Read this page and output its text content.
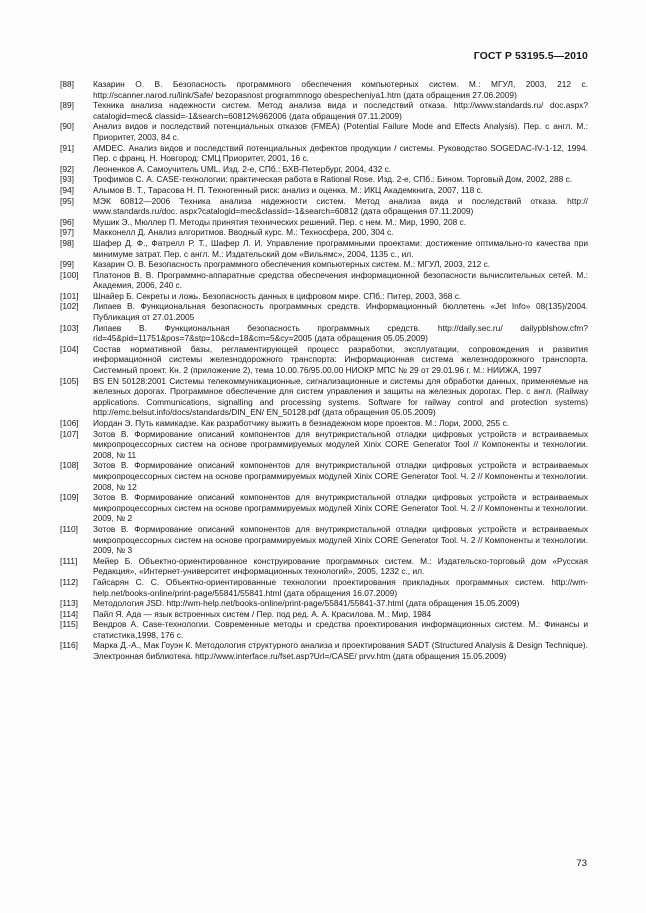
ГОСТ Р 53195.5—2010
[88]	Казарин О. В. Безопасность программного обеспечения компьютерных систем. М.: МГУЛ, 2003, 212 с. http://scanner.narod.ru/link/Safe/ bezopasnost programmnogo obespecheniya1.htm (дата обращения 27.06.2009)
[89]	Техника анализа надежности систем. Метод анализа вида и последствий отказа. http://www.standards.ru/ doc.aspx?catalogid=mec& classid=-1&search=60812%962006 (дата обращения 07.11.2009)
[90]	Анализ видов и последствий потенциальных отказов (FMEA) (Potential Failure Mode and Effects Analysis). Пер. с англ. М.: Приоритет, 2003, 84 с.
[91]	AMDEC. Анализ видов и последствий потенциальных дефектов продукции / системы. Руководство SOGEDAC-IV-1-12, 1994. Пер. с франц. Н. Новгород: СМЦ Приоритет, 2001, 16 с.
[92]	Леоненков А. Самоучитель UML. Изд. 2-е, СПб.: БХВ-Петербург, 2004, 432 с.
[93]	Трофимов С. А. CASE-технологии: практическая работа в Rational Rose. Изд. 2-е, СПб.: Бином. Торговый Дом, 2002, 288 с.
[94]	Алымов В. Т., Тарасова Н. П. Техногенный риск: анализ и оценка. М.: ИКЦ Академкнига, 2007, 118 с.
[95]	МЭК 60812—2006 Техника анализа надежности систем. Метод анализа вида и последствий отказа. http:// www.standards.ru/doc. aspx?catalogid=mec&classid=-1&search=60812 (дата обращения 07.11.2009)
[96]	Мушик Э., Мюллер П. Методы принятия технических решений. Пер. с нем. М.: Мир, 1990, 208 с.
[97]	Макконелл Д. Анализ алгоритмов. Вводный курс. М.: Техносфера, 200, 304 с.
[98]	Шафер Д. Ф., Фатрелл Р. Т., Шафер Л. И. Управление программными проектами: достижение оптимально-го качества при минимуме затрат. Пер. с англ. М.: Издательский дом «Вильямс», 2004, 1135 с., ил.
[99]	Казарин О. В. Безопасность программного обеспечения компьютерных систем. М.: МГУЛ, 2003, 212 с.
[100]	Платонов В. В. Программно-аппаратные средства обеспечения информационной безопасности вычислительных сетей. М.: Академия, 2006, 240 с.
[101]	Шнайер Б. Секреты и ложь. Безопасность данных в цифровом мире. СПб.: Питер, 2003, 368 с.
[102]	Липаев В. Функциональная безопасность программных средств. Информационный бюллетень «Jet Info» 08(135)/2004. Публикация от 27.01.2005
[103]	Липаев В. Функциональная безопасность программных средств. http://daily.sec.ru/ dailypblshow.cfm?rid=45&pid=11751&pos=7&stp=10&cd=18&cm=5&cy=2005 (дата обращения 05.05.2009)
[104]	Состав нормативной базы, регламентирующей процесс разработки, эксплуатации, сопровождения и развития информационной системы железнодорожного транспорта: Информационная система железнодорожного транспорта. Системный проект. Кн. 2 (приложение 2), тема 10.00.76/95.00.00 НИОКР МПС № 29 от 29.01.96 г. М.: НИИЖА, 1997
[105]	BS EN 50128:2001 Системы телекоммуникационные, сигнализационные и системы для обработки данных, применяемые на железных дорогах. Программное обеспечение для систем управления и защиты на железных дорогах. Пер. с англ. (Railway applications. Communications, signalling and processing systems. Software for railway control and protection systems) http://emc.belsut.info/docs/standards/DIN_EN/ EN_50128.pdf (дата обращения 05.05.2009)
[106]	Иордан Э. Путь камикадзе. Как разработчику выжить в безнадежном море проектов. М.: Лори, 2000, 255 с.
[107]	Зотов В. Формирование описаний компонентов для внутрикристальной отладки цифровых устройств и встраиваемых микропроцессорных систем на основе программируемых модулей Xinix CORE Generator Tool // Компоненты и технологии. 2008, № 11
[108]	Зотов В. Формирование описаний компонентов для внутрикристальной отладки цифровых устройств и встраиваемых микропроцессорных систем на основе программируемых модулей Xinix CORE Generator Tool. Ч. 2 // Компоненты и технологии. 2008, № 12
[109]	Зотов В. Формирование описаний компонентов для внутрикристальной отладки цифровых устройств и встраиваемых микропроцессорных систем на основе программируемых модулей Xinix CORE Generator Tool. Ч. 2 // Компоненты и технологии. 2009, № 2
[110]	Зотов В. Формирование описаний компонентов для внутрикристальной отладки цифровых устройств и встраиваемых микропроцессорных систем на основе программируемых модулей Xinix CORE Generator Tool. Ч. 2 // Компоненты и технологии. 2009, № 3
[111]	Мейер Б. Объектно-ориентированное конструирование программных систем. М.: Издательско-торговый дом «Русская Редакция», «Интернет-университет информационных технологий», 2005, 1232 с., ил.
[112]	Гайсарян С. С. Объектно-ориентированные технологии проектирования прикладных программных систем. http://wm-help.net/books-online/print-page/55841/55841.html (дата обращения 16.07.2009)
[113]	Методология JSD. http://wm-help.net/books-online/print-page/55841/55841-37.html (дата обращения 15.05.2009)
[114]	Пайл Я. Ада — язык встроенных систем / Пер. под ред. А. А. Красилова. М.: Мир, 1984
[115]	Вендров А. Case-технологии. Современные методы и средства проектирования информационных систем. М.: Финансы и статистика,1998, 176 с.
[116]	Марка Д.-А., Мак Гоуэн К. Методология структурного анализа и проектирования SADT (Structured Analysis & Design Technique). Электронная библиотека. http://www.interface.ru/fset.asp?Url=/CASE/ prvv.htm (дата обращения 15.05.2009)
73
